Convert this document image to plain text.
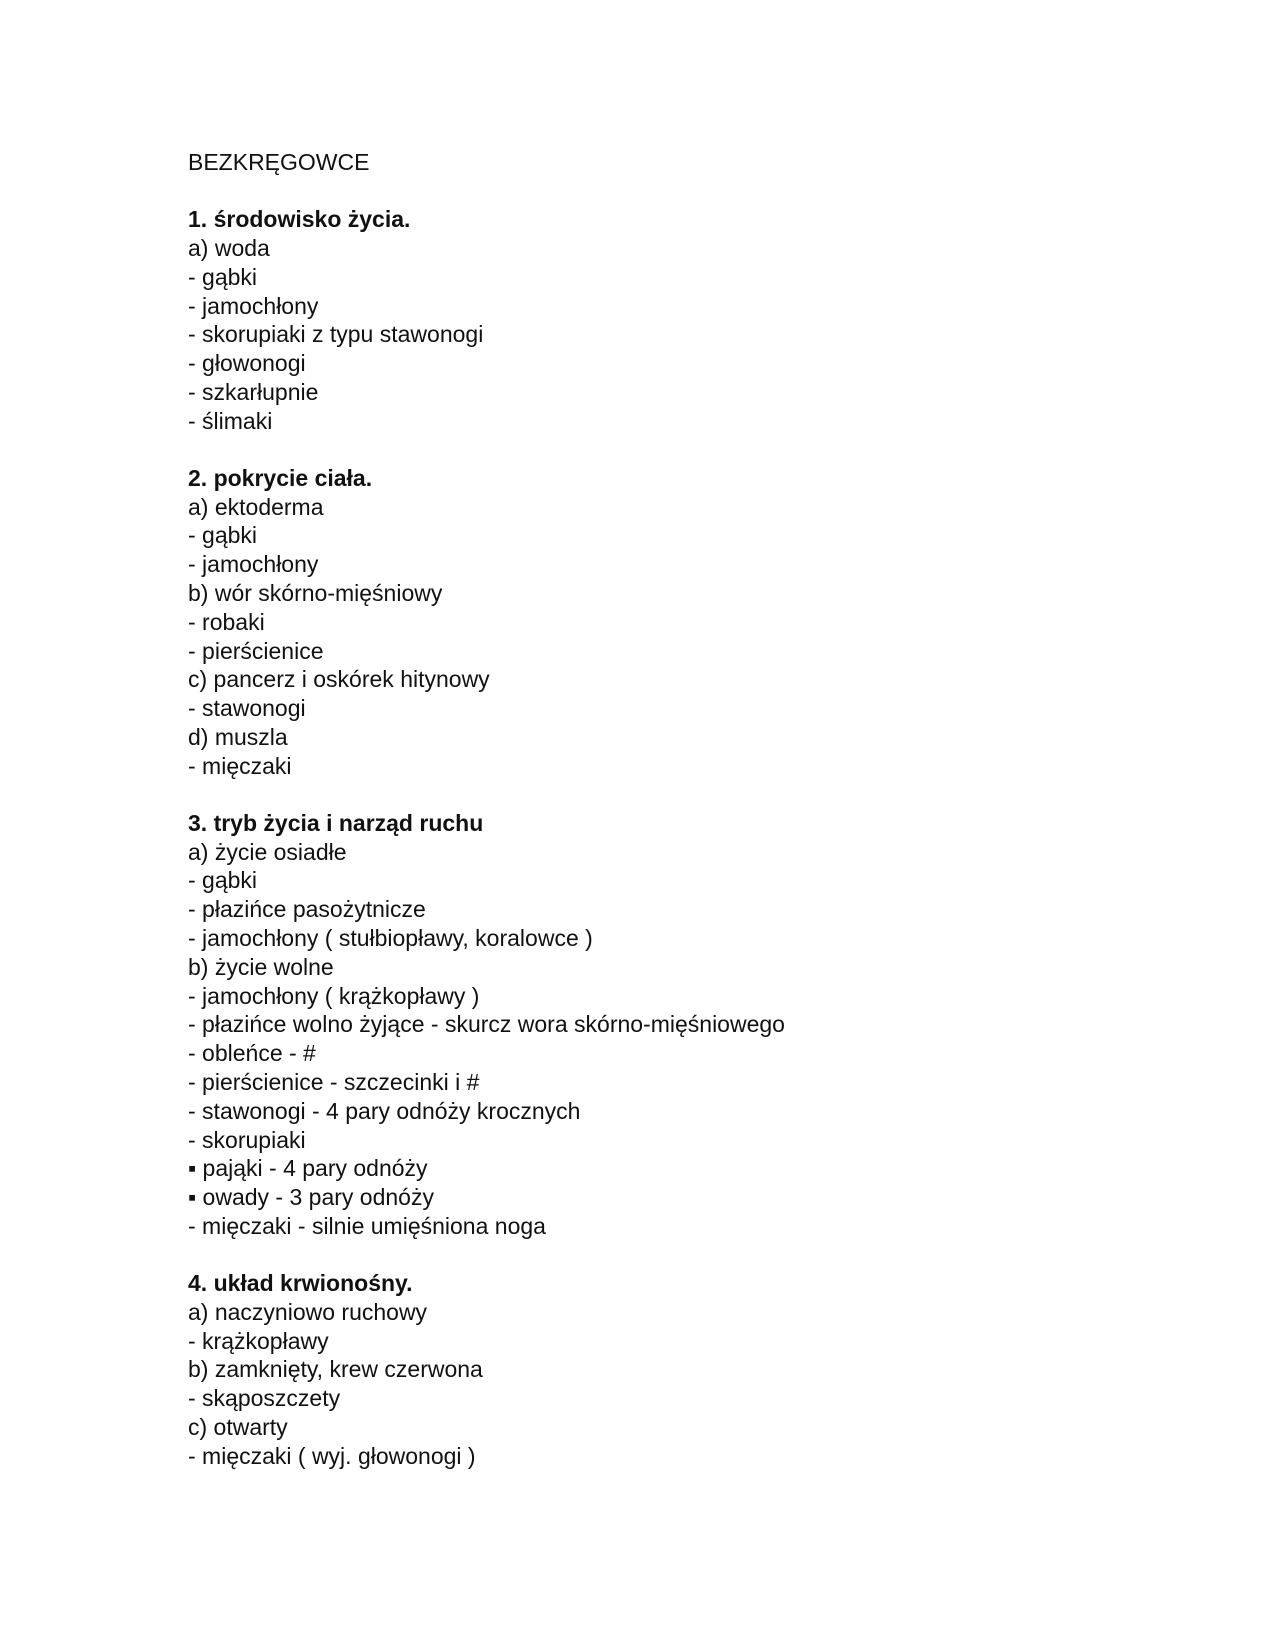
BEZKRĘGOWCE
1. środowisko życia.
a) woda
- gąbki
- jamochłony
- skorupiaki z typu stawonogi
- głowonogi
- szkarłupnie
- ślimaki
2. pokrycie ciała.
a) ektoderma
- gąbki
- jamochłony
b) wór skórno-mięśniowy
- robaki
- pierścienice
c) pancerz i oskórek hitynowy
- stawonogi
d) muszla
- mięczaki
3. tryb życia i narząd ruchu
a) życie osiadłe
- gąbki
- płazińce pasożytnicze
- jamochłony ( stułbiopławy, koralowce )
b) życie wolne
- jamochłony ( krążkopławy )
- płazińce wolno żyjące - skurcz wora skórno-mięśniowego
- obleńce - #
- pierścienice - szczecinki i #
- stawonogi - 4 pary odnóży krocznych
- skorupiaki
▪ pająki - 4 pary odnóży
▪ owady - 3 pary odnóży
- mięczaki - silnie umięśniona noga
4. układ krwionośny.
a) naczyniowo ruchowy
- krążkopławy
b) zamknięty, krew czerwona
- skąposzczety
c) otwarty
- mięczaki ( wyj. głowonogi )
